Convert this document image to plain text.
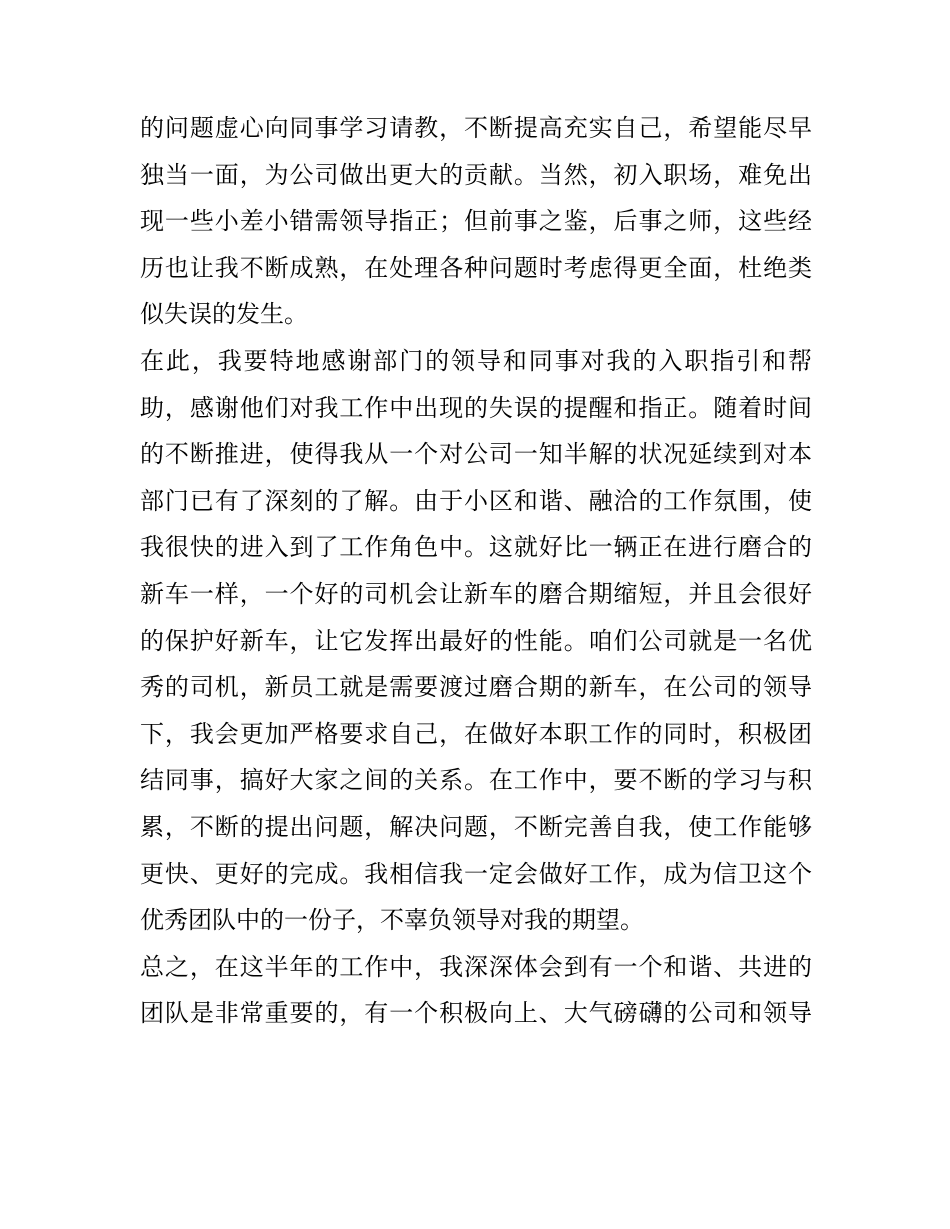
的问题虚心向同事学习请教，不断提高充实自己，希望能尽早
独当一面，为公司做出更大的贡献。当然，初入职场，难免出
现一些小差小错需领导指正；但前事之鉴，后事之师，这些经
历也让我不断成熟，在处理各种问题时考虑得更全面，杜绝类
似失误的发生。
在此，我要特地感谢部门的领导和同事对我的入职指引和帮
助，感谢他们对我工作中出现的失误的提醒和指正。随着时间
的不断推进，使得我从一个对公司一知半解的状况延续到对本
部门已有了深刻的了解。由于小区和谐、融洽的工作氛围，使
我很快的进入到了工作角色中。这就好比一辆正在进行磨合的
新车一样，一个好的司机会让新车的磨合期缩短，并且会很好
的保护好新车，让它发挥出最好的性能。咱们公司就是一名优
秀的司机，新员工就是需要渡过磨合期的新车，在公司的领导
下，我会更加严格要求自己，在做好本职工作的同时，积极团
结同事，搞好大家之间的关系。在工作中，要不断的学习与积
累，不断的提出问题，解决问题，不断完善自我，使工作能够
更快、更好的完成。我相信我一定会做好工作，成为信卫这个
优秀团队中的一份子，不辜负领导对我的期望。
总之，在这半年的工作中，我深深体会到有一个和谐、共进的
团队是非常重要的，有一个积极向上、大气磅礴的公司和领导
